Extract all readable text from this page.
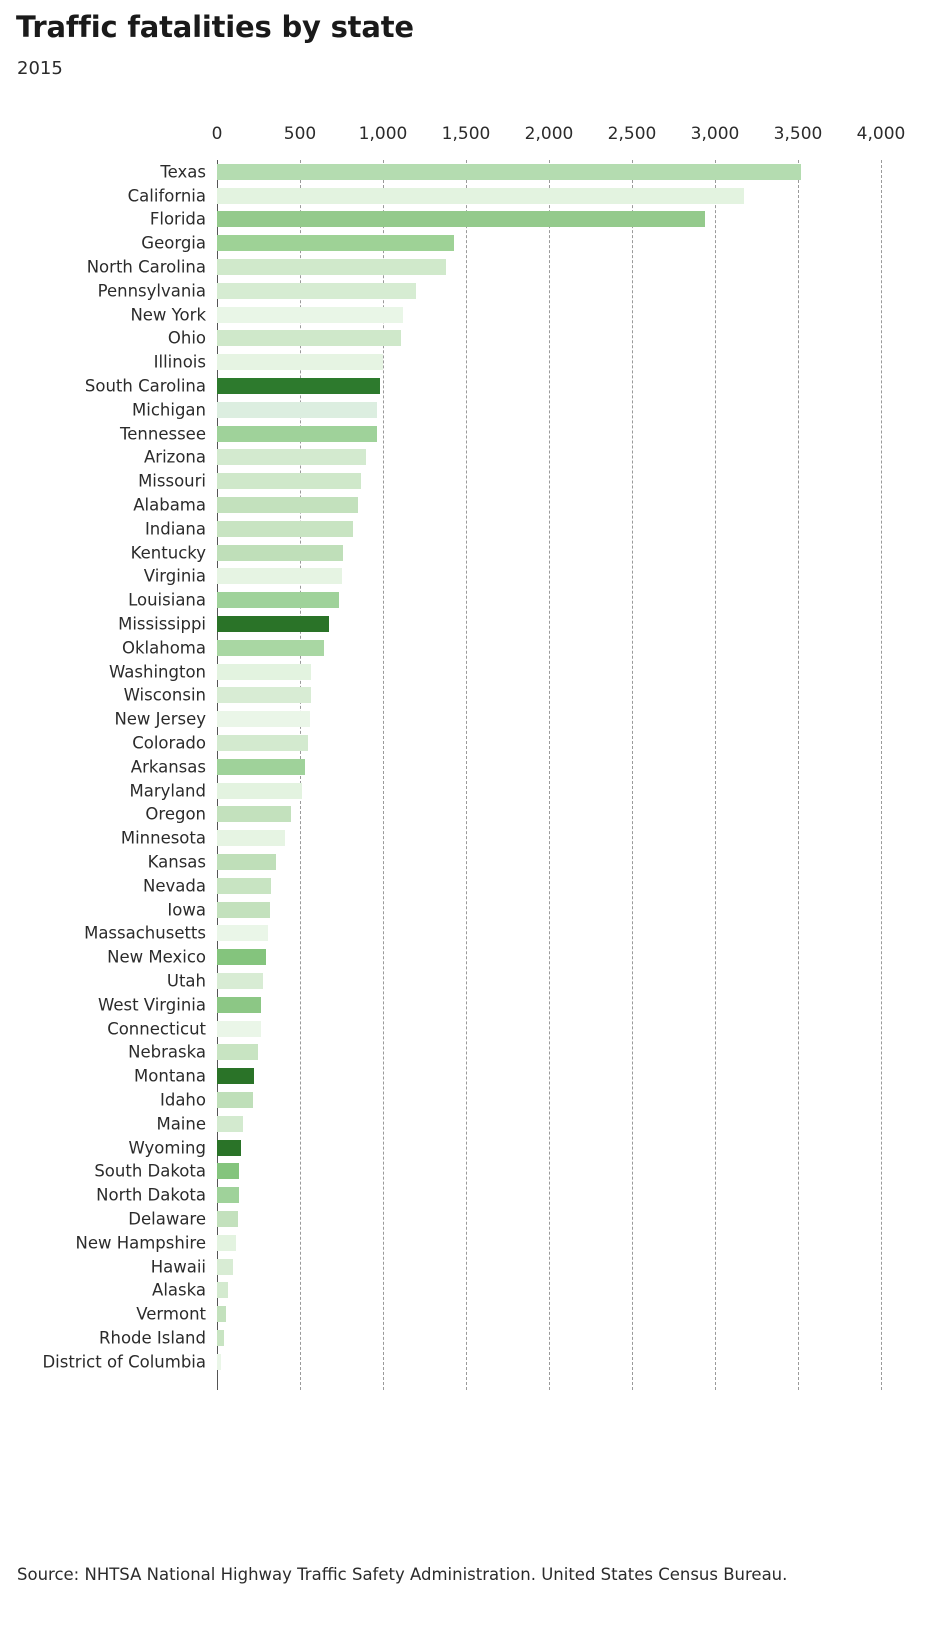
Traffic fatalities by state
2015
0	500 1,000 1,500 2,000 2,500 3,000 3,500 4,000
Texas
California
Florida
Georgia
North Carolina
Pennsylvania
New York
Ohio
Illinois
South Carolina
Michigan
Tennessee
Arizona
Missouri
Alabama
Indiana
Kentucky
Virginia
Louisiana
Mississippi
Oklahoma
Washington
Wisconsin
New Jersey
Colorado
Arkansas
Maryland
Oregon
Minnesota
Kansas
Nevada
Iowa
Massachusetts
New Mexico
Utah
West Virginia
Connecticut
Nebraska
Montana
Idaho
Maine
Wyoming
South Dakota
North Dakota
Delaware
New Hampshire
Hawaii
Alaska
Vermont
Rhode Island
District of Columbia
Source: NHTSA National Highway Traffic Safety Administration. United States Census Bureau.
